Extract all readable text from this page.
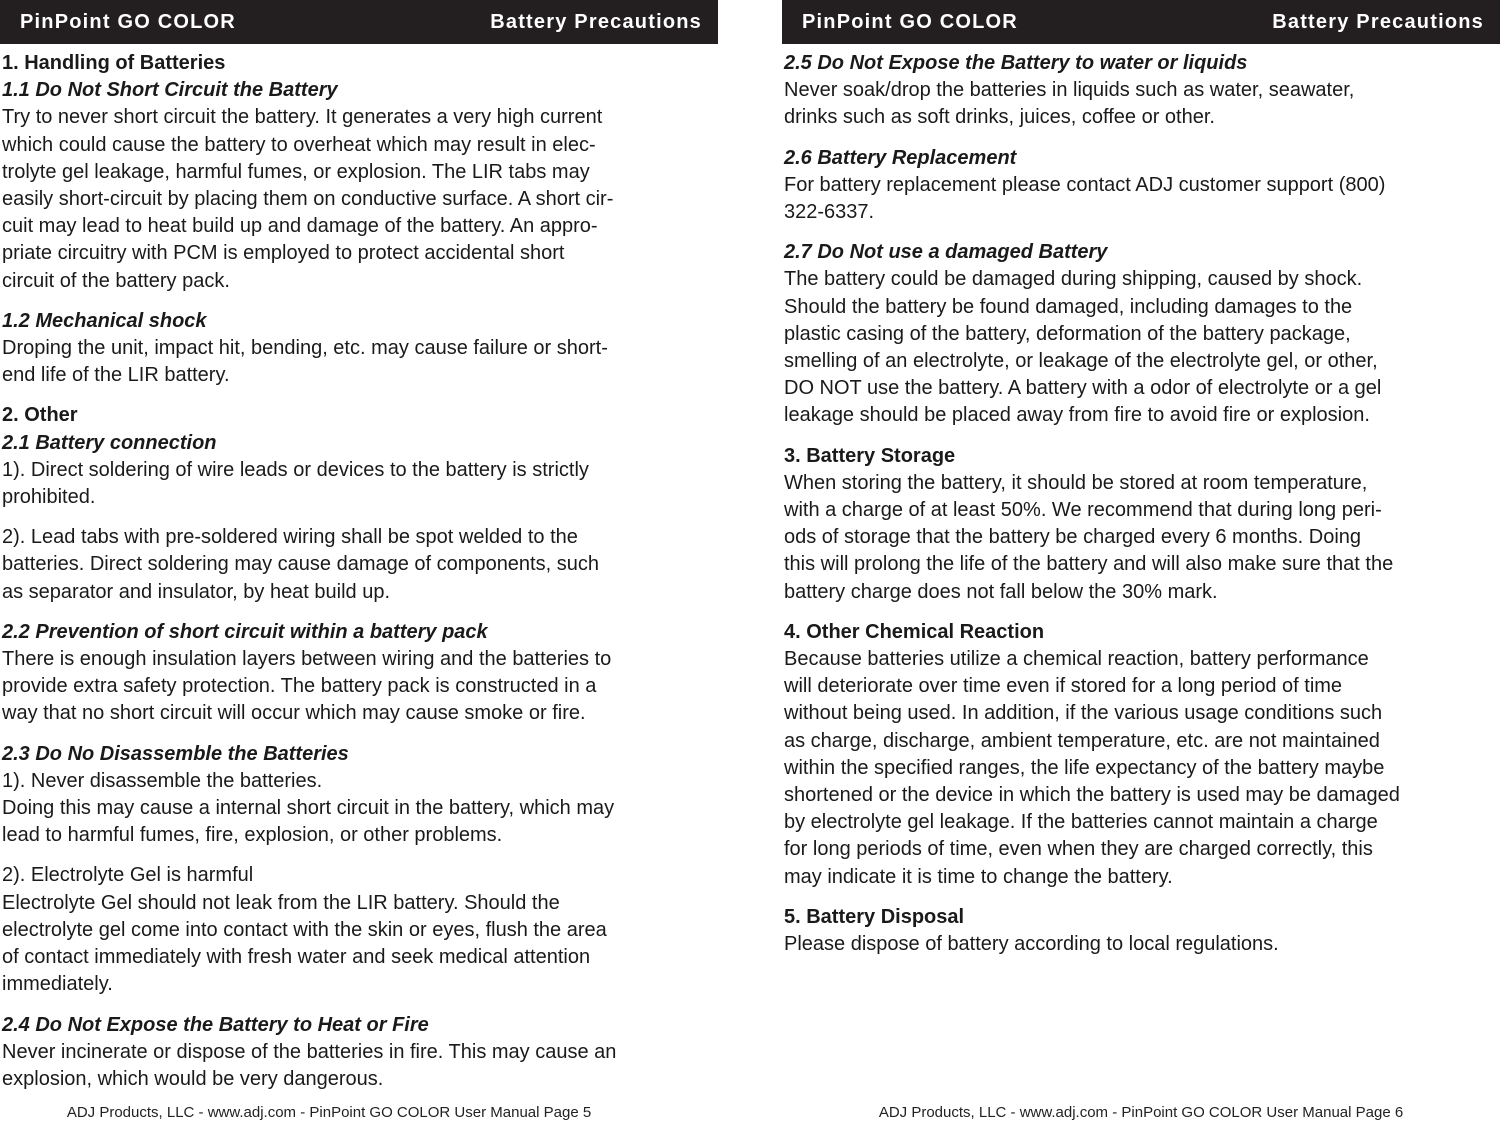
PinPoint GO COLOR	Battery Precautions
1. Handling of Batteries
1.1 Do Not Short Circuit the Battery
Try to never short circuit the battery. It generates a very high current
which could cause the battery to overheat which may result in elec-
trolyte gel leakage, harmful fumes, or explosion. The LIR tabs may
easily short-circuit by placing them on conductive surface. A short cir-
cuit may lead to heat build up and damage of the battery. An appro-
priate circuitry with PCM is employed to protect accidental short
circuit of the battery pack.
1.2 Mechanical shock
Droping the unit, impact hit, bending, etc. may cause failure or short-
end life of the LIR battery.
2. Other
2.1 Battery connection
1). Direct soldering of wire leads or devices to the battery is strictly
prohibited.
2). Lead tabs with pre-soldered wiring shall be spot welded to the
batteries. Direct soldering may cause damage of components, such
as separator and insulator, by heat build up.
2.2 Prevention of short circuit within a battery pack
There is enough insulation layers between wiring and the batteries to
provide extra safety protection. The battery pack is constructed in a
way that no short circuit will occur which may cause smoke or fire.
2.3 Do No Disassemble the Batteries
1). Never disassemble the batteries.
Doing this may cause a internal short circuit in the battery, which may
lead to harmful fumes, fire, explosion, or other problems.
2). Electrolyte Gel is harmful
Electrolyte Gel should not leak from the LIR battery. Should the
electrolyte gel come into contact with the skin or eyes, flush the area
of contact immediately with fresh water and seek medical attention
immediately.
2.4 Do Not Expose the Battery to Heat or Fire
Never incinerate or dispose of the batteries in fire. This may cause an
explosion, which would be very dangerous.
ADJ Products, LLC - www.adj.com - PinPoint GO COLOR User Manual Page 5
PinPoint GO COLOR	Battery Precautions
2.5 Do Not Expose the Battery to water or liquids
Never soak/drop the batteries in liquids such as water, seawater,
drinks such as soft drinks, juices, coffee or other.
2.6 Battery Replacement
For battery replacement please contact ADJ customer support (800)
322-6337.
2.7 Do Not use a damaged Battery
The battery could be damaged during shipping, caused by shock.
Should the battery be found damaged, including damages to the
plastic casing of the battery, deformation of the battery package,
smelling of an electrolyte, or leakage of the electrolyte gel, or other,
DO NOT use the battery. A battery with a odor of electrolyte or a gel
leakage should be placed away from fire to avoid fire or explosion.
3. Battery Storage
When storing the battery, it should be stored at room temperature,
with a charge of at least 50%. We recommend that during long peri-
ods of storage that the battery be charged every 6 months. Doing
this will prolong the life of the battery and will also make sure that the
battery charge does not fall below the 30% mark.
4. Other Chemical Reaction
Because batteries utilize a chemical reaction, battery performance
will deteriorate over time even if stored for a long period of time
without being used. In addition, if the various usage conditions such
as charge, discharge, ambient temperature, etc. are not maintained
within the specified ranges, the life expectancy of the battery maybe
shortened or the device in which the battery is used may be damaged
by electrolyte gel leakage. If the batteries cannot maintain a charge
for long periods of time, even when they are charged correctly, this
may indicate it is time to change the battery.
5. Battery Disposal
Please dispose of battery according to local regulations.
ADJ Products, LLC - www.adj.com - PinPoint GO COLOR User Manual Page 6
